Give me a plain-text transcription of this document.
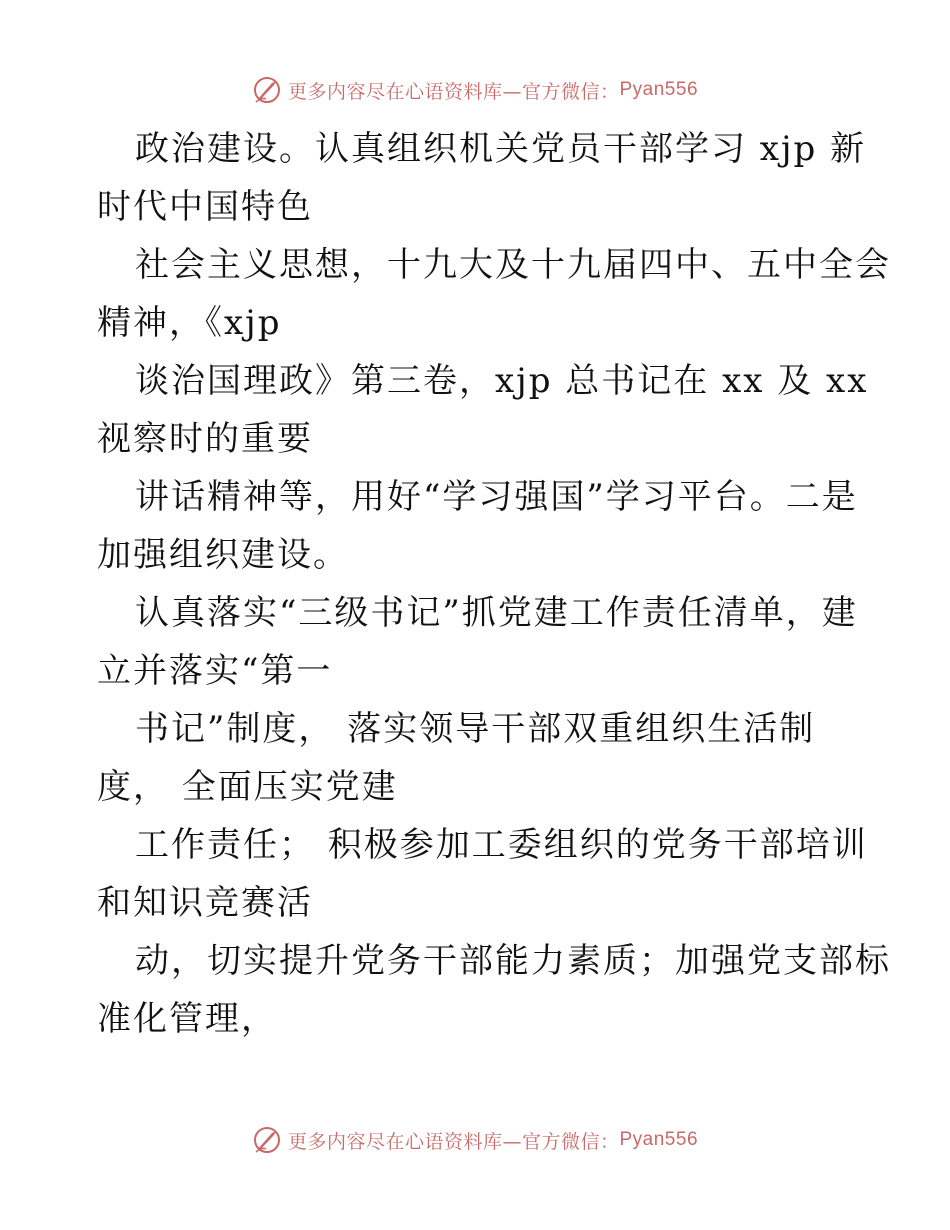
更多内容尽在心语资料库—官方微信： Pyan556
政治建设。认真组织机关党员干部学习 xjp 新
时代中国特色
社会主义思想，十九大及十九届四中、五中全会
精神，《xjp
谈治国理政》第三卷，xjp 总书记在 xx 及 xx
视察时的重要
讲话精神等，用好“学习强国”学习平台。二是
加强组织建设。
认真落实“三级书记”抓党建工作责任清单，建
立并落实“第一
书记”制度， 落实领导干部双重组织生活制
度， 全面压实党建
工作责任； 积极参加工委组织的党务干部培训
和知识竞赛活
动，切实提升党务干部能力素质；加强党支部标
准化管理，
更多内容尽在心语资料库—官方微信： Pyan556
